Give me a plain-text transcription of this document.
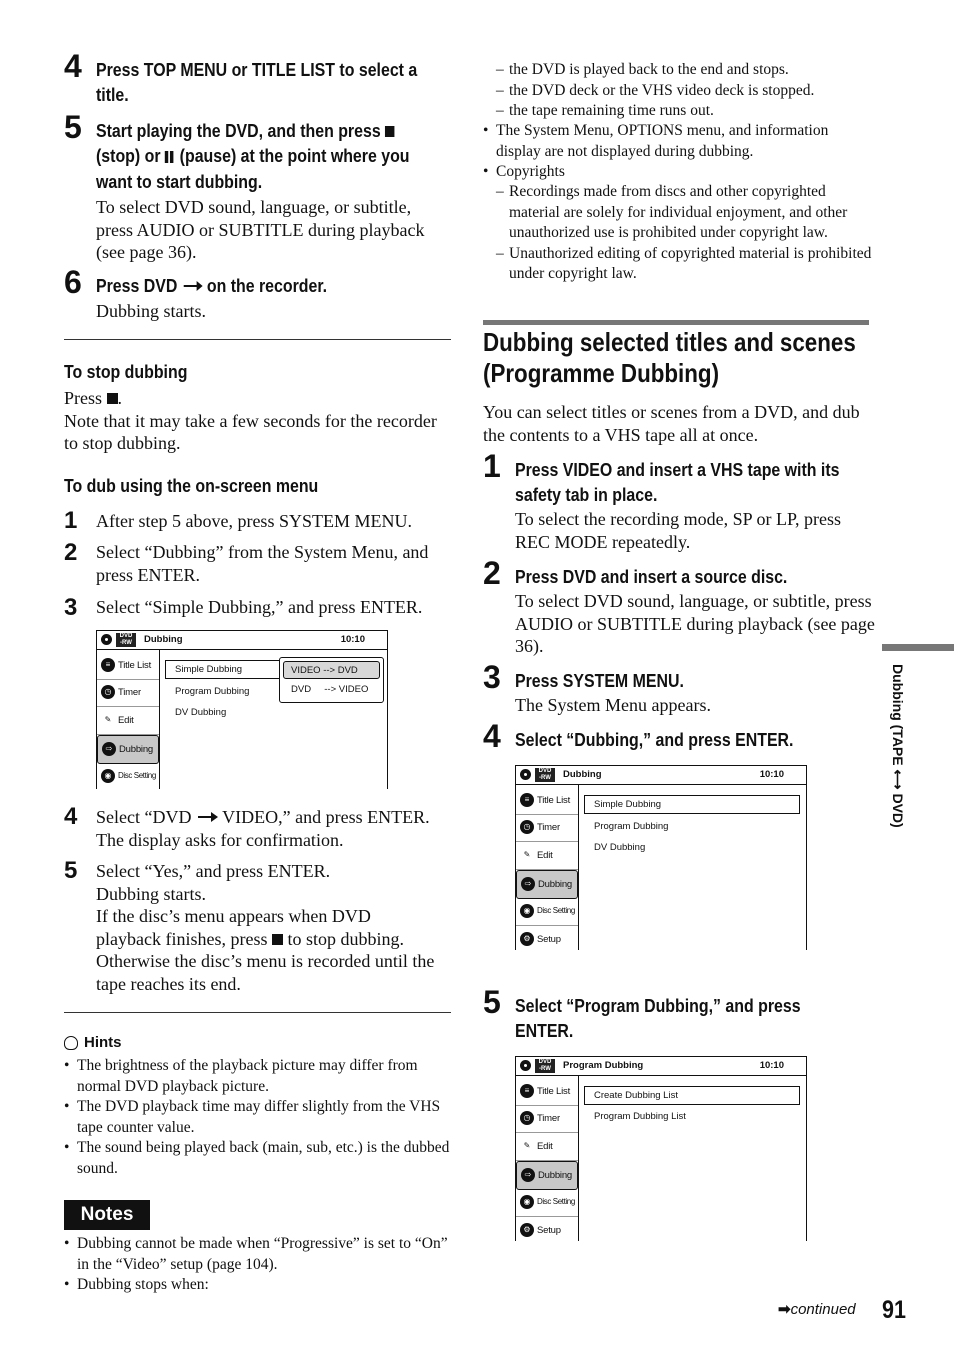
4 Press TOP MENU or TITLE LIST to select a title.
5 Start playing the DVD, and then press
(stop) or (pause) at the point where you
want to start dubbing.
To select DVD sound, language, or subtitle, press AUDIO or SUBTITLE during playback (see page 36).
6 Press DVD on the recorder.
Dubbing starts.
To stop dubbing
Press .
Note that it may take a few seconds for the recorder to stop dubbing.
To dub using the on-screen menu
1 After step 5 above, press SYSTEM MENU.
2 Select “Dubbing” from the System Menu, and press ENTER.
3 Select “Simple Dubbing,” and press ENTER.
DVD
-RW	Dubbing	10:10
≡ Title List
◷ Timer
✎ Edit
⇨ Dubbing
◉ Disc Setting
Simple Dubbing
Program Dubbing
DV Dubbing
VIDEO --> DVD
DVD     --> VIDEO
4 Select “DVD VIDEO,” and press ENTER.
The display asks for confirmation.
5 Select “Yes,” and press ENTER.
Dubbing starts.
If the disc’s menu appears when DVD
playback finishes, press to stop dubbing.
Otherwise the disc’s menu is recorded until the tape reaches its end.
Hints
• The brightness of the playback picture may differ from normal DVD playback picture.
• The DVD playback time may differ slightly from the VHS tape counter value.
• The sound being played back (main, sub, etc.) is the dubbed sound.
Notes
• Dubbing cannot be made when “Progressive” is set to “On” in the “Video” setup (page 104).
• Dubbing stops when:
– the DVD is played back to the end and stops.
– the DVD deck or the VHS video deck is stopped.
– the tape remaining time runs out.
• The System Menu, OPTIONS menu, and information display are not displayed during dubbing.
• Copyrights
– Recordings made from discs and other copyrighted material are solely for individual enjoyment, and other unauthorized use is prohibited under copyright law.
– Unauthorized editing of copyrighted material is prohibited under copyright law.
Dubbing selected titles and scenes
(Programme Dubbing)
You can select titles or scenes from a DVD, and dub the contents to a VHS tape all at once.
1 Press VIDEO and insert a VHS tape with its safety tab in place.
To select the recording mode, SP or LP, press REC MODE repeatedly.
2 Press DVD and insert a source disc.
To select DVD sound, language, or subtitle, press AUDIO or SUBTITLE during playback (see page 36).
3 Press SYSTEM MENU.
The System Menu appears.
4 Select “Dubbing,” and press ENTER.
DVD
-RW	Dubbing	10:10
≡ Title List
◷ Timer
✎ Edit
⇨ Dubbing
◉ Disc Setting
⚙ Setup
Simple Dubbing
Program Dubbing
DV Dubbing
5 Select “Program Dubbing,” and press ENTER.
DVD
-RW	Program Dubbing	10:10
≡ Title List
◷ Timer
✎ Edit
⇨ Dubbing
◉ Disc Setting
⚙ Setup
Create Dubbing List
Program Dubbing List
Dubbing (TAPE ⟷ DVD)
➡continued 91
